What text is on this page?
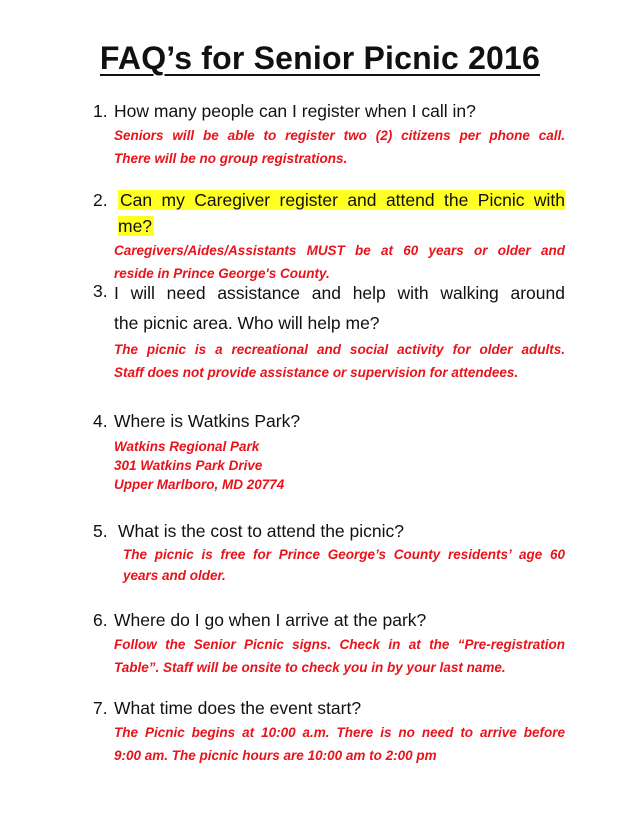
FAQ’s for Senior Picnic 2016
1. How many people can I register when I call in?
Seniors will be able to register two (2) citizens per phone call.
There will be no group registrations.
2. Can my Caregiver register and attend the Picnic with me?
Caregivers/Aides/Assistants MUST be at 60 years or older and
reside in Prince George's County.
3. I will need assistance and help with walking around
the picnic area. Who will help me?
The picnic is a recreational and social activity for older adults.
Staff does not provide assistance or supervision for attendees.
4. Where is Watkins Park?
Watkins Regional Park
301 Watkins Park Drive
Upper Marlboro, MD 20774
5. What is the cost to attend the picnic?
The picnic is free for Prince George’s County residents’ age 60
years and older.
6. Where do I go when I arrive at the park?
Follow the Senior Picnic signs. Check in at the “Pre-registration
Table”. Staff will be onsite to check you in by your last name.
7. What time does the event start?
The Picnic begins at 10:00 a.m. There is no need to arrive before
9:00 am. The picnic hours are 10:00 am to 2:00 pm
